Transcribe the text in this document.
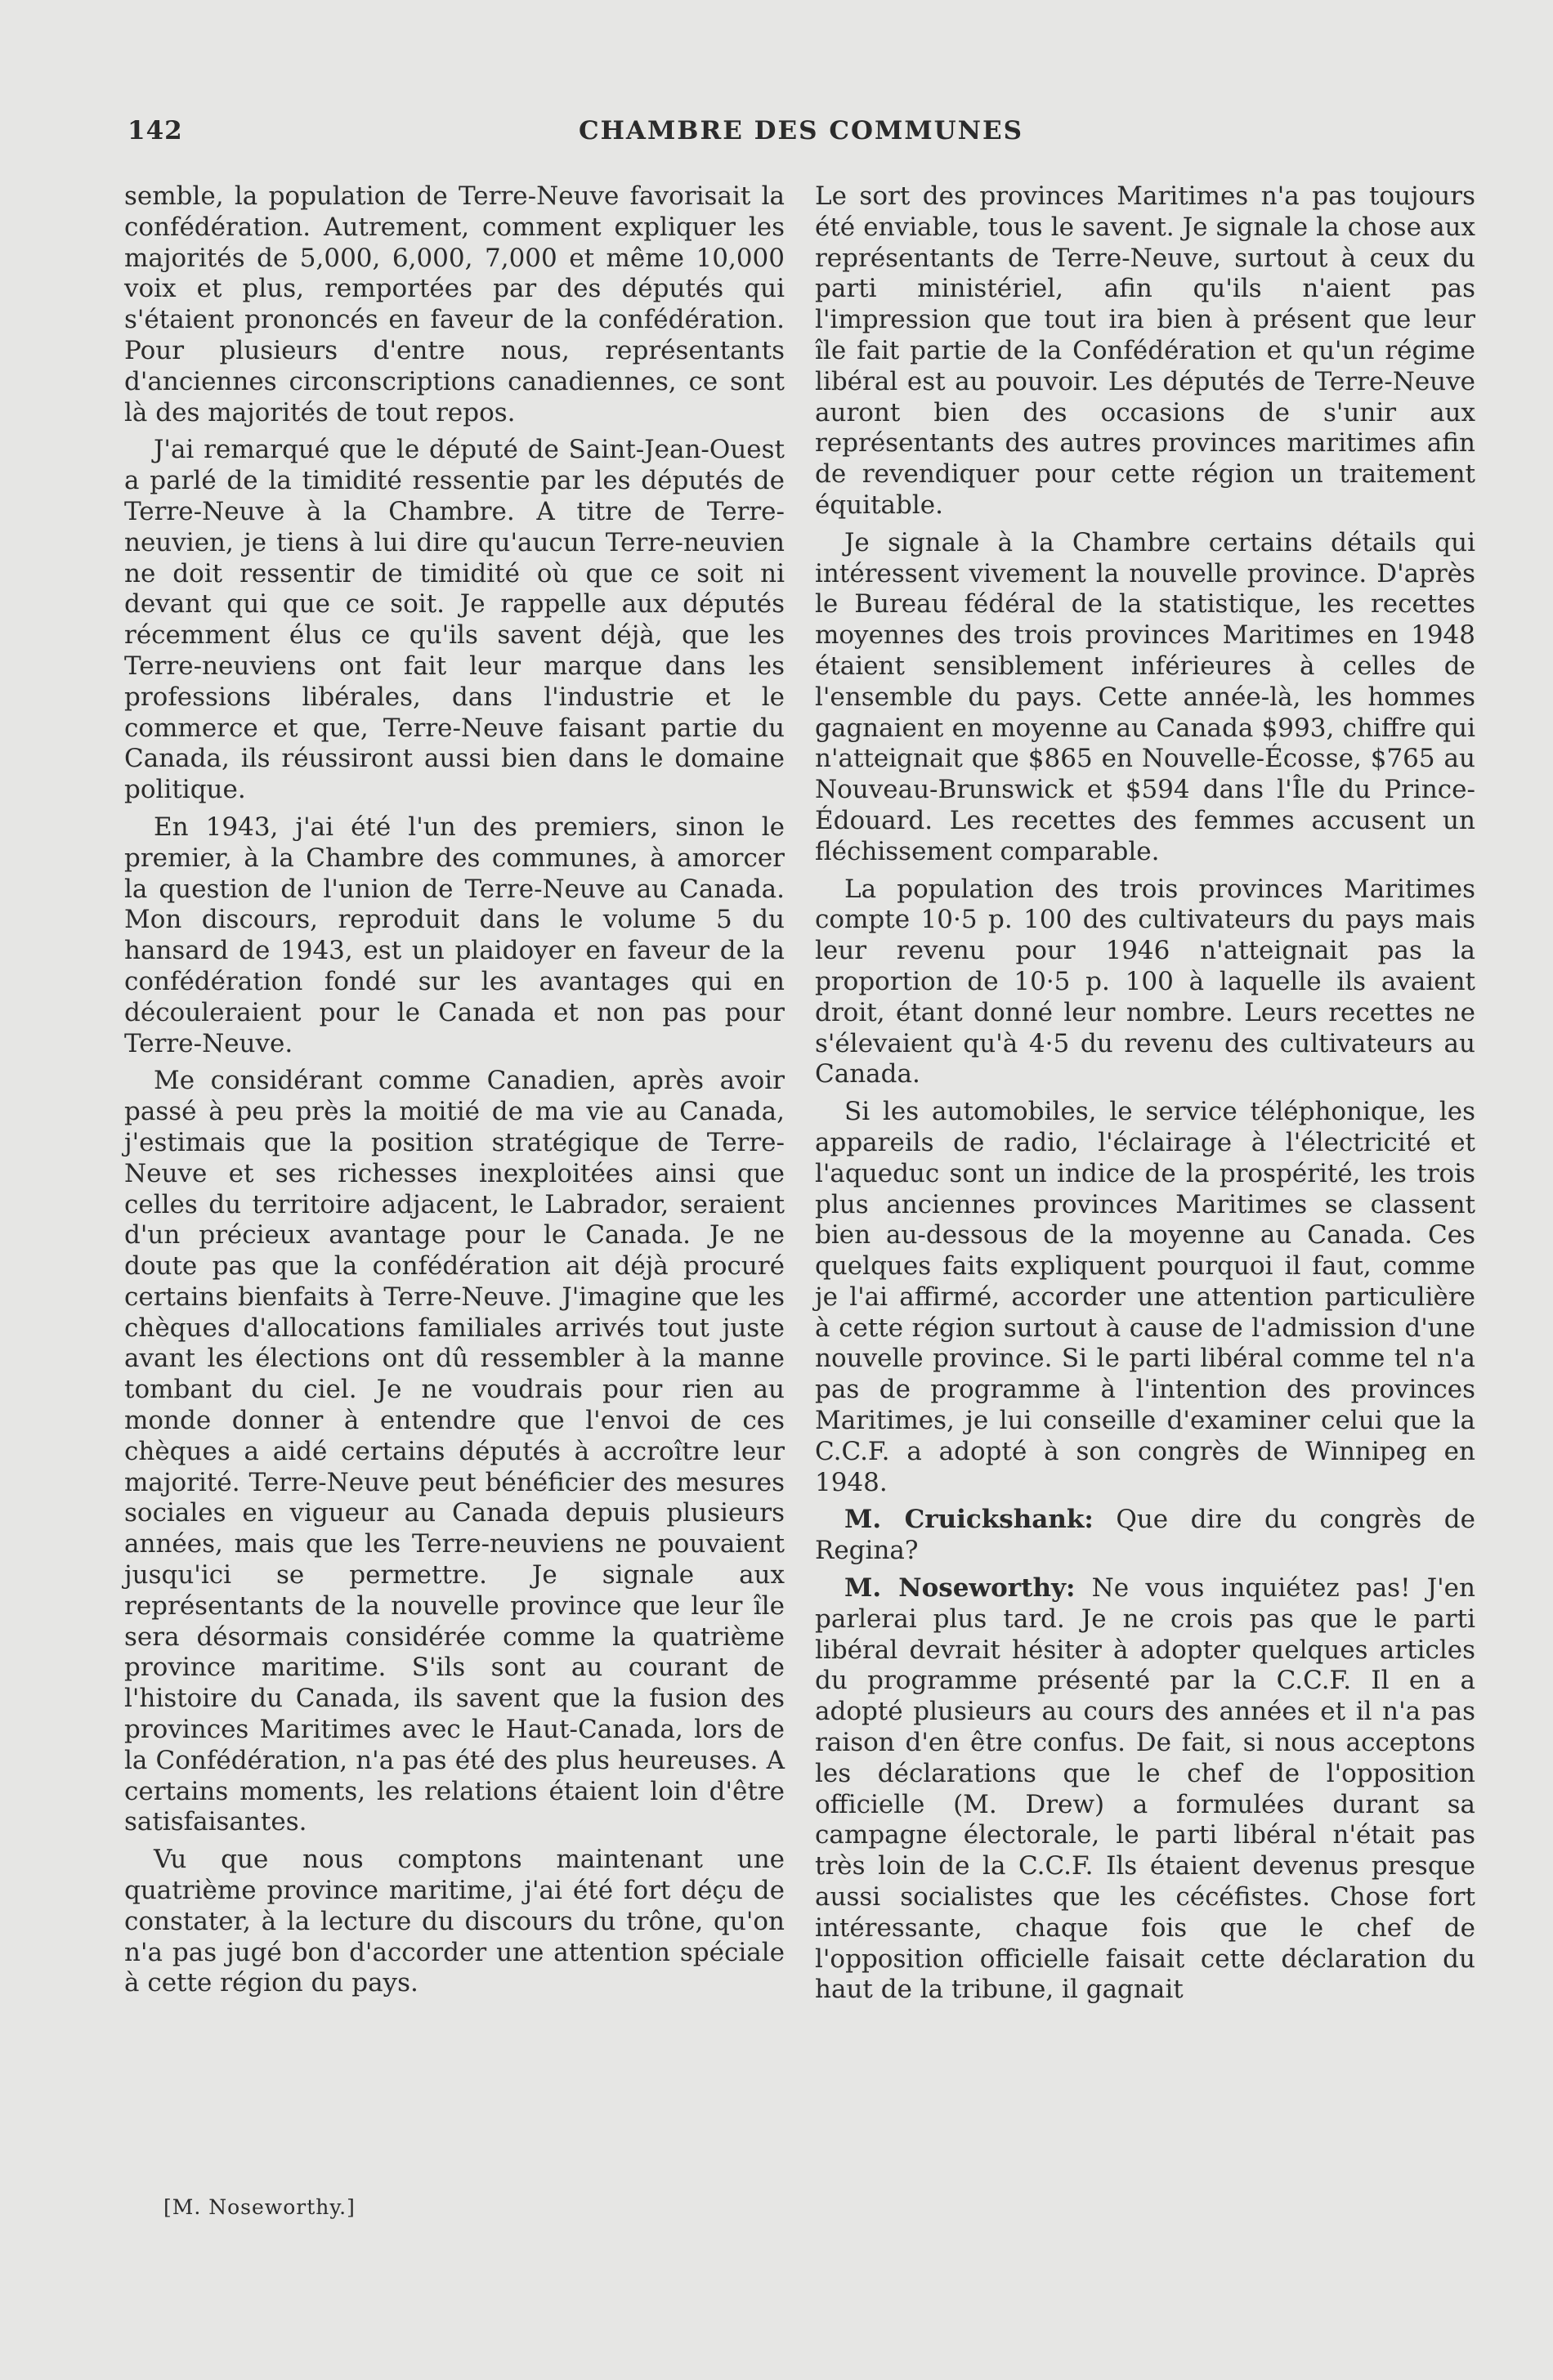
142	CHAMBRE DES COMMUNES

semble, la population de Terre-Neuve favorisait la confédération. Autrement, comment expliquer les majorités de 5,000, 6,000, 7,000 et même 10,000 voix et plus, remportées par des députés qui s'étaient prononcés en faveur de la confédération. Pour plusieurs d'entre nous, représentants d'anciennes circonscriptions canadiennes, ce sont là des majorités de tout repos.

J'ai remarqué que le député de Saint-Jean-Ouest a parlé de la timidité ressentie par les députés de Terre-Neuve à la Chambre. A titre de Terre-neuvien, je tiens à lui dire qu'aucun Terre-neuvien ne doit ressentir de timidité où que ce soit ni devant qui que ce soit. Je rappelle aux députés récemment élus ce qu'ils savent déjà, que les Terre-neuviens ont fait leur marque dans les professions libérales, dans l'industrie et le commerce et que, Terre-Neuve faisant partie du Canada, ils réussiront aussi bien dans le domaine politique.

En 1943, j'ai été l'un des premiers, sinon le premier, à la Chambre des communes, à amorcer la question de l'union de Terre-Neuve au Canada. Mon discours, reproduit dans le volume 5 du hansard de 1943, est un plaidoyer en faveur de la confédération fondé sur les avantages qui en découleraient pour le Canada et non pas pour Terre-Neuve.

Me considérant comme Canadien, après avoir passé à peu près la moitié de ma vie au Canada, j'estimais que la position stratégique de Terre-Neuve et ses richesses inexploitées ainsi que celles du territoire adjacent, le Labrador, seraient d'un précieux avantage pour le Canada. Je ne doute pas que la confédération ait déjà procuré certains bienfaits à Terre-Neuve. J'imagine que les chèques d'allocations familiales arrivés tout juste avant les élections ont dû ressembler à la manne tombant du ciel. Je ne voudrais pour rien au monde donner à entendre que l'envoi de ces chèques a aidé certains députés à accroître leur majorité. Terre-Neuve peut bénéficier des mesures sociales en vigueur au Canada depuis plusieurs années, mais que les Terre-neuviens ne pouvaient jusqu'ici se permettre. Je signale aux représentants de la nouvelle province que leur île sera désormais considérée comme la quatrième province maritime. S'ils sont au courant de l'histoire du Canada, ils savent que la fusion des provinces Maritimes avec le Haut-Canada, lors de la Confédération, n'a pas été des plus heureuses. A certains moments, les relations étaient loin d'être satisfaisantes.

Vu que nous comptons maintenant une quatrième province maritime, j'ai été fort déçu de constater, à la lecture du discours du trône, qu'on n'a pas jugé bon d'accorder une attention spéciale à cette région du pays.

[M. Noseworthy.]

Le sort des provinces Maritimes n'a pas toujours été enviable, tous le savent. Je signale la chose aux représentants de Terre-Neuve, surtout à ceux du parti ministériel, afin qu'ils n'aient pas l'impression que tout ira bien à présent que leur île fait partie de la Confédération et qu'un régime libéral est au pouvoir. Les députés de Terre-Neuve auront bien des occasions de s'unir aux représentants des autres provinces maritimes afin de revendiquer pour cette région un traitement équitable.

Je signale à la Chambre certains détails qui intéressent vivement la nouvelle province. D'après le Bureau fédéral de la statistique, les recettes moyennes des trois provinces Maritimes en 1948 étaient sensiblement inférieures à celles de l'ensemble du pays. Cette année-là, les hommes gagnaient en moyenne au Canada $993, chiffre qui n'atteignait que $865 en Nouvelle-Écosse, $765 au Nouveau-Brunswick et $594 dans l'Île du Prince-Édouard. Les recettes des femmes accusent un fléchissement comparable.

La population des trois provinces Maritimes compte 10·5 p. 100 des cultivateurs du pays mais leur revenu pour 1946 n'atteignait pas la proportion de 10·5 p. 100 à laquelle ils avaient droit, étant donné leur nombre. Leurs recettes ne s'élevaient qu'à 4·5 du revenu des cultivateurs au Canada.

Si les automobiles, le service téléphonique, les appareils de radio, l'éclairage à l'électricité et l'aqueduc sont un indice de la prospérité, les trois plus anciennes provinces Maritimes se classent bien au-dessous de la moyenne au Canada. Ces quelques faits expliquent pourquoi il faut, comme je l'ai affirmé, accorder une attention particulière à cette région surtout à cause de l'admission d'une nouvelle province. Si le parti libéral comme tel n'a pas de programme à l'intention des provinces Maritimes, je lui conseille d'examiner celui que la C.C.F. a adopté à son congrès de Winnipeg en 1948.

M. Cruickshank: Que dire du congrès de Regina?

M. Noseworthy: Ne vous inquiétez pas! J'en parlerai plus tard. Je ne crois pas que le parti libéral devrait hésiter à adopter quelques articles du programme présenté par la C.C.F. Il en a adopté plusieurs au cours des années et il n'a pas raison d'en être confus. De fait, si nous acceptons les déclarations que le chef de l'opposition officielle (M. Drew) a formulées durant sa campagne électorale, le parti libéral n'était pas très loin de la C.C.F. Ils étaient devenus presque aussi socialistes que les cécéfistes. Chose fort intéressante, chaque fois que le chef de l'opposition officielle faisait cette déclaration du haut de la tribune, il gagnait
